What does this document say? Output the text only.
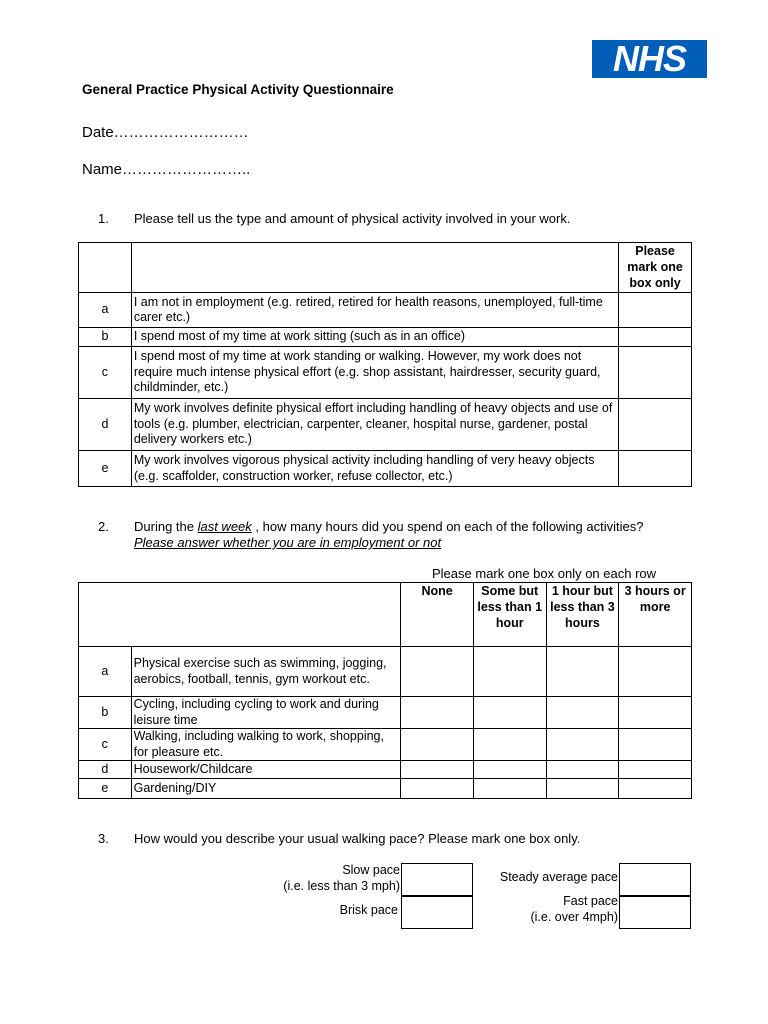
NHS
General Practice Physical Activity Questionnaire
Date………………………
Name……………………..
1. Please tell us the type and amount of physical activity involved in your work.
		Please mark one box only
a	I am not in employment (e.g. retired, retired for health reasons, unemployed, full-time carer etc.)	
b	I spend most of my time at work sitting (such as in an office)	
c	I spend most of my time at work standing or walking. However, my work does not require much intense physical effort (e.g. shop assistant, hairdresser, security guard, childminder, etc.)	
d	My work involves definite physical effort including handling of heavy objects and use of tools (e.g. plumber, electrician, carpenter, cleaner, hospital nurse, gardener, postal delivery workers etc.)	
e	My work involves vigorous physical activity including handling of very heavy objects (e.g. scaffolder, construction worker, refuse collector, etc.)	
2. During the last week , how many hours did you spend on each of the following activities?
Please answer whether you are in employment or not
Please mark one box only on each row
		None	Some but less than 1 hour	1 hour but less than 3 hours	3 hours or more
a	Physical exercise such as swimming, jogging, aerobics, football, tennis, gym workout etc.				
b	Cycling, including cycling to work and during leisure time				
c	Walking, including walking to work, shopping, for pleasure etc.				
d	Housework/Childcare				
e	Gardening/DIY				
3. How would you describe your usual walking pace? Please mark one box only.
Slow pace
(i.e. less than 3 mph)
Brisk pace
Steady average pace
Fast pace
(i.e. over 4mph)
